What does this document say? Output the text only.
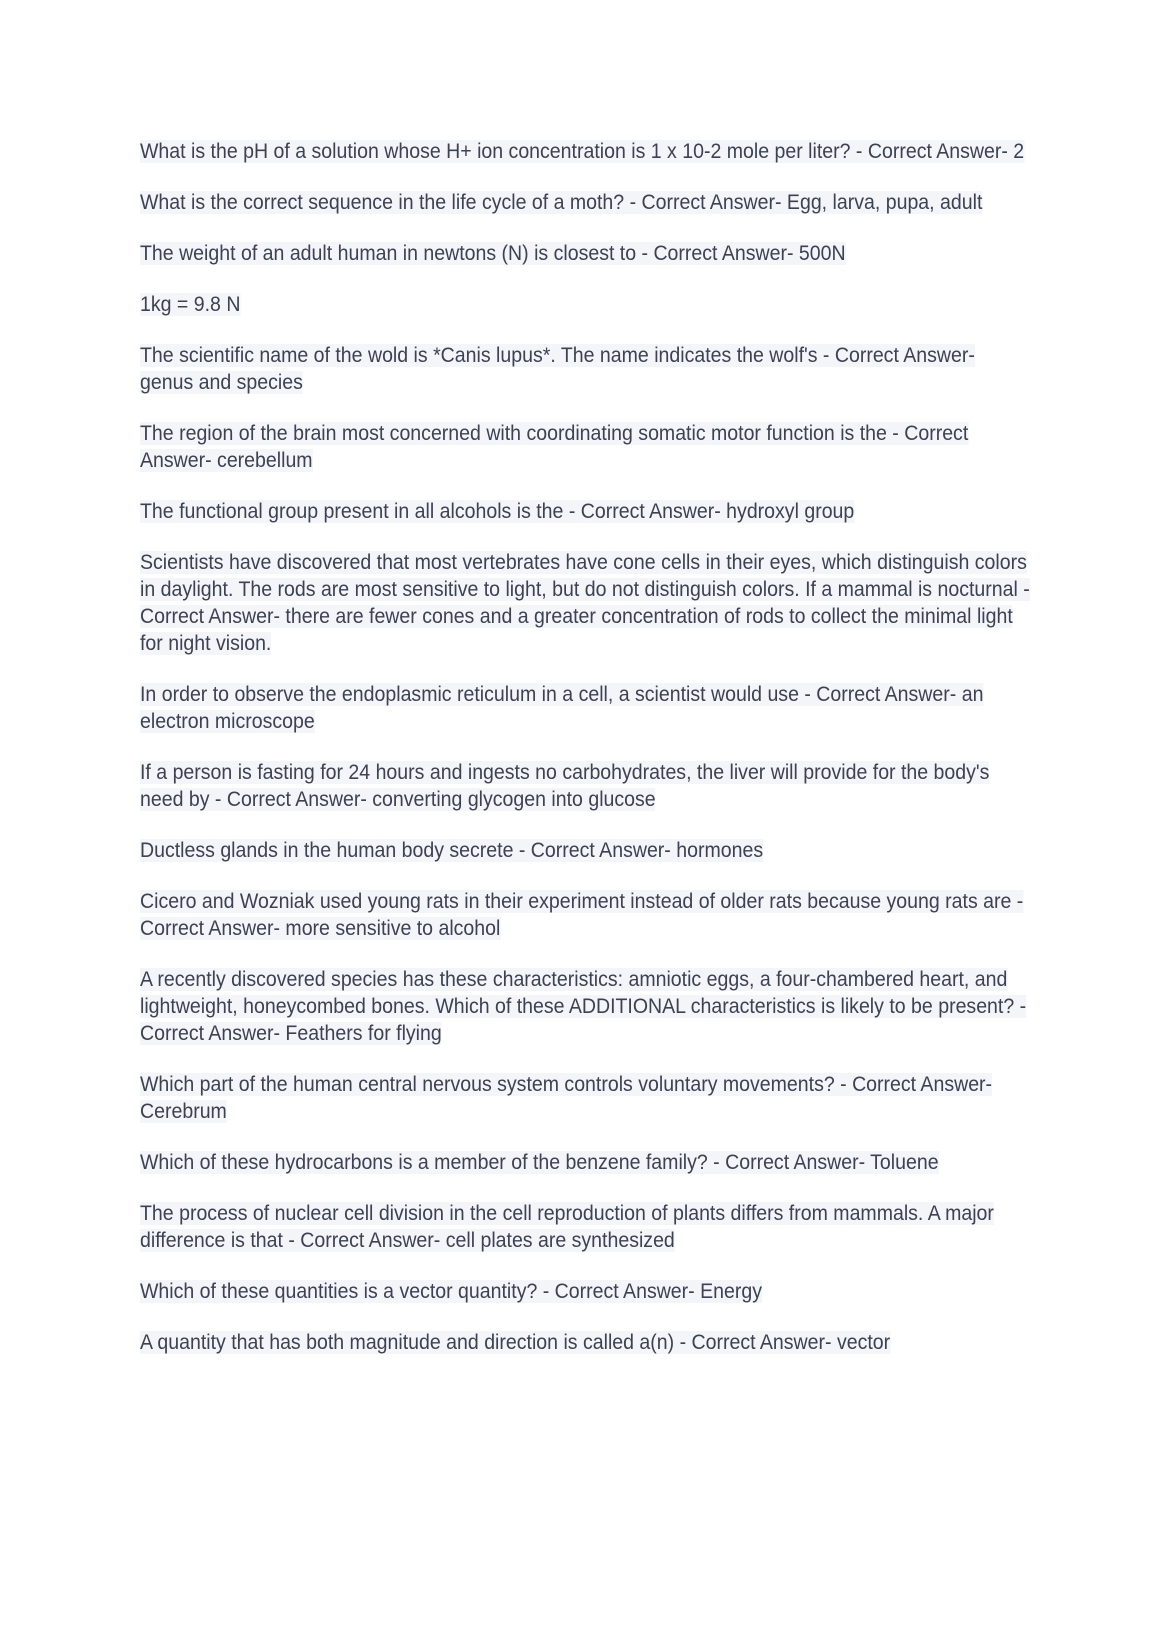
What is the pH of a solution whose H+ ion concentration is 1 x 10-2 mole per liter? - Correct Answer- 2

What is the correct sequence in the life cycle of a moth? - Correct Answer- Egg, larva, pupa, adult

The weight of an adult human in newtons (N) is closest to - Correct Answer- 500N

1kg = 9.8 N

The scientific name of the wold is *Canis lupus*. The name indicates the wolf's - Correct Answer- genus and species

The region of the brain most concerned with coordinating somatic motor function is the - Correct Answer- cerebellum

The functional group present in all alcohols is the - Correct Answer- hydroxyl group

Scientists have discovered that most vertebrates have cone cells in their eyes, which distinguish colors in daylight. The rods are most sensitive to light, but do not distinguish colors. If a mammal is nocturnal - Correct Answer- there are fewer cones and a greater concentration of rods to collect the minimal light for night vision.

In order to observe the endoplasmic reticulum in a cell, a scientist would use - Correct Answer- an electron microscope

If a person is fasting for 24 hours and ingests no carbohydrates, the liver will provide for the body's need by - Correct Answer- converting glycogen into glucose

Ductless glands in the human body secrete - Correct Answer- hormones

Cicero and Wozniak used young rats in their experiment instead of older rats because young rats are - Correct Answer- more sensitive to alcohol

A recently discovered species has these characteristics: amniotic eggs, a four-chambered heart, and lightweight, honeycombed bones. Which of these ADDITIONAL characteristics is likely to be present? - Correct Answer- Feathers for flying

Which part of the human central nervous system controls voluntary movements? - Correct Answer- Cerebrum

Which of these hydrocarbons is a member of the benzene family? - Correct Answer- Toluene

The process of nuclear cell division in the cell reproduction of plants differs from mammals. A major difference is that - Correct Answer- cell plates are synthesized

Which of these quantities is a vector quantity? - Correct Answer- Energy

A quantity that has both magnitude and direction is called a(n) - Correct Answer- vector
